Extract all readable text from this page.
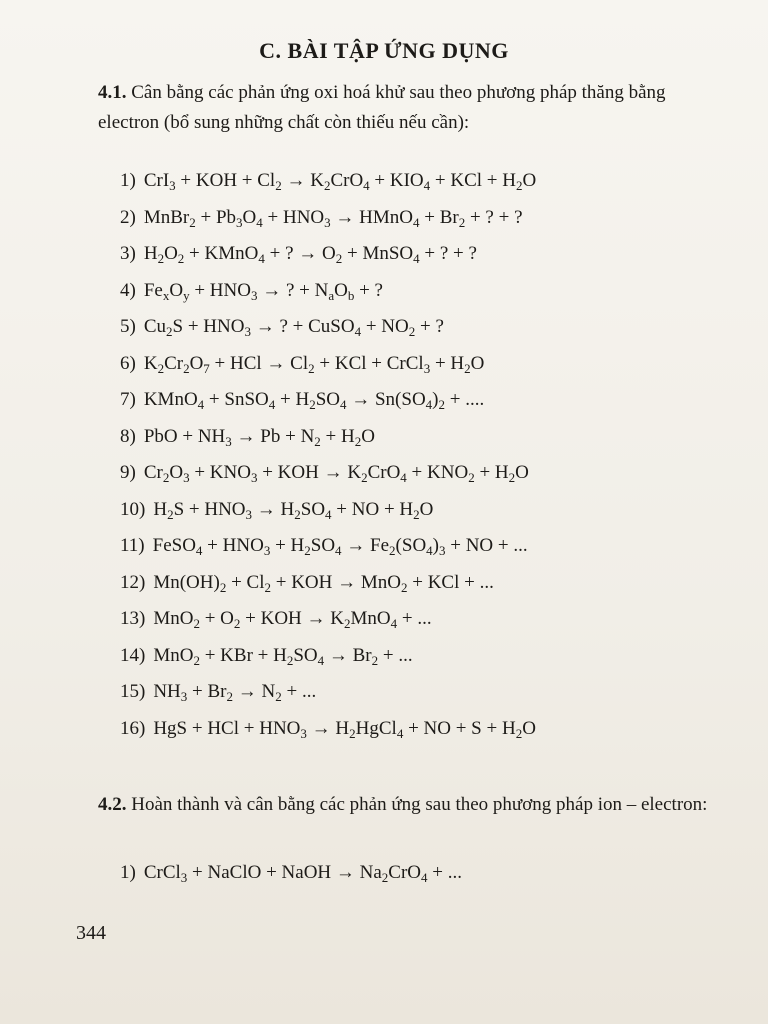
C. BÀI TẬP ỨNG DỤNG
4.1. Cân bằng các phản ứng oxi hoá khử sau theo phương pháp thăng bằng electron (bổ sung những chất còn thiếu nếu cần):
1) CrI$_3$ + KOH + $Cl_2 \to K_2CrO_4 + KIO_4$ + KCl + $H_2O$
2) MnBr$_2$ + $Pb_3O_4 + HNO_3$ → HMnO$_4$ + $Br_2$ + ? + ?
3) $H_2O_2$ + KMnO$_4$ + ? → $O_2$ + MnSO$_4$ + ? + ?
4) $Fe_xO_y + HNO_3$ → ? + $N_aO_b$ + ?
5) $Cu_2S + HNO_3$ → ? + CuSO$_4$ + $NO_2$ + ?
6) $K_2Cr_2O_7$ + HCl → $Cl_2$ + KCl + CrCl$_3$ + $H_2O$
7) KMnO$_4$ + SnSO$_4$ + $H_2SO_4 \to Sn(SO_4)_2$ + ....
8) PbO + $NH_3 \to Pb + N_2 + H_2O$
9) $Cr_2O_3 + KNO_3$ + KOH → $K_2CrO_4 + KNO_2 + H_2O$
10) $H_2S + HNO_3 \to H_2SO_4$ + NO + $H_2O$
11) FeSO$_4$ + $HNO_3 + H_2SO_4 \to Fe_2(SO_4)_3$ + NO + ...
12) $Mn(OH)_2 + Cl_2$ + KOH → MnO$_2$ + KCl + ...
13) $MnO_2 + O_2$ + KOH → $K_2MnO_4$ + ...
14) MnO$_2$ + KBr + $H_2SO_4 \to Br_2$ + ...
15) $NH_3 + Br_2 \to N_2$ + ...
16) HgS + HCl + $HNO_3$ → $H_2HgCl_4$ + NO + $S + H_2O$
4.2. Hoàn thành và cân bằng các phản ứng sau theo phương pháp ion – electron:
1) CrCl$_3$ + NaClO + NaOH → $Na_2CrO_4$ + ...
344
